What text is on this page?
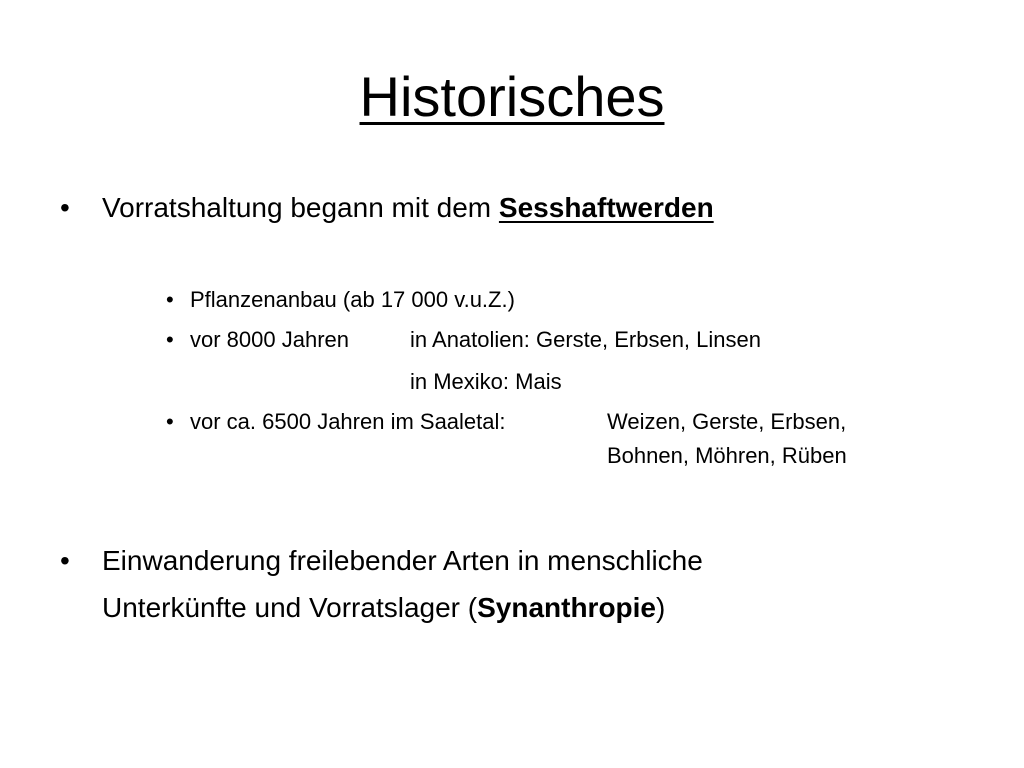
Historisches
• Vorratshaltung begann mit dem Sesshaftwerden
• Pflanzenanbau (ab 17 000 v.u.Z.)
• vor 8000 Jahren	in Anatolien: Gerste, Erbsen, Linsen
in Mexiko: Mais
• vor ca. 6500 Jahren im Saaletal:	Weizen, Gerste, Erbsen,
Bohnen, Möhren, Rüben
• Einwanderung freilebender Arten in menschliche
Unterkünfte und Vorratslager (Synanthropie)
